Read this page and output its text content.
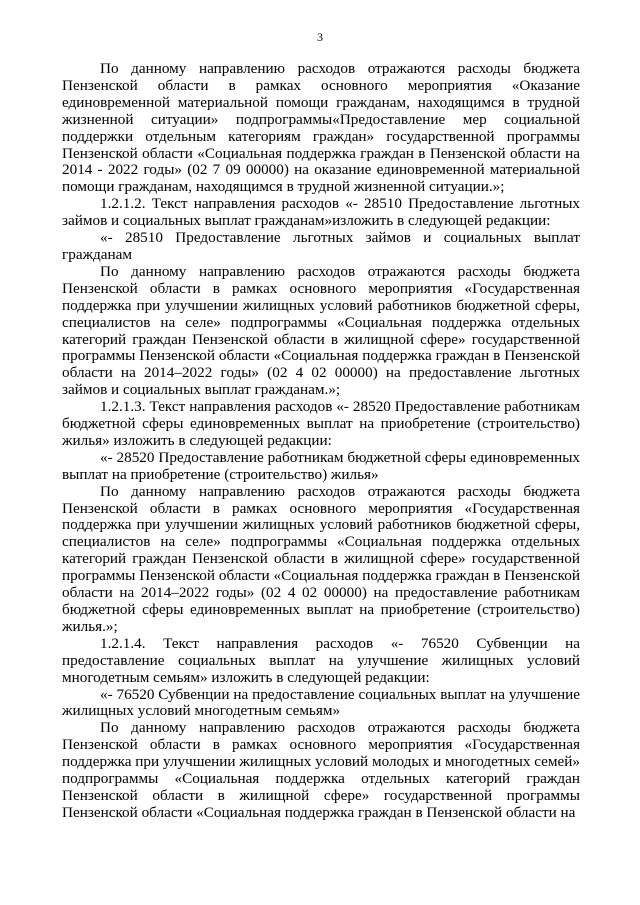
3

По данному направлению расходов отражаются расходы бюджета Пензенской области в рамках основного мероприятия «Оказание единовременной материальной помощи гражданам, находящимся в трудной жизненной ситуации» подпрограммы«Предоставление мер социальной поддержки отдельным категориям граждан» государственной программы Пензенской области «Социальная поддержка граждан в Пензенской области на 2014 - 2022 годы» (02 7 09 00000) на оказание единовременной материальной помощи гражданам, находящимся в трудной жизненной ситуации.»;

1.2.1.2. Текст направления расходов «- 28510 Предоставление льготных займов и социальных выплат гражданам»изложить в следующей редакции:

«- 28510 Предоставление льготных займов и социальных выплат гражданам

По данному направлению расходов отражаются расходы бюджета Пензенской области в рамках основного мероприятия «Государственная поддержка при улучшении жилищных условий работников бюджетной сферы, специалистов на селе» подпрограммы «Социальная поддержка отдельных категорий граждан Пензенской области в жилищной сфере» государственной программы Пензенской области «Социальная поддержка граждан в Пензенской области на 2014–2022 годы» (02 4 02 00000) на предоставление льготных займов и социальных выплат гражданам.»;

1.2.1.3. Текст направления расходов «- 28520 Предоставление работникам бюджетной сферы единовременных выплат на приобретение (строительство) жилья» изложить в следующей редакции:

«- 28520 Предоставление работникам бюджетной сферы единовременных выплат на приобретение (строительство) жилья»

По данному направлению расходов отражаются расходы бюджета Пензенской области в рамках основного мероприятия «Государственная поддержка при улучшении жилищных условий работников бюджетной сферы, специалистов на селе» подпрограммы «Социальная поддержка отдельных категорий граждан Пензенской области в жилищной сфере» государственной программы Пензенской области «Социальная поддержка граждан в Пензенской области на 2014–2022 годы» (02 4 02 00000) на предоставление работникам бюджетной сферы единовременных выплат на приобретение (строительство) жилья.»;

1.2.1.4. Текст направления расходов «- 76520 Субвенции на предоставление социальных выплат на улучшение жилищных условий многодетным семьям» изложить в следующей редакции:

«- 76520 Субвенции на предоставление социальных выплат на улучшение жилищных условий многодетным семьям»

По данному направлению расходов отражаются расходы бюджета Пензенской области в рамках основного мероприятия «Государственная поддержка при улучшении жилищных условий молодых и многодетных семей» подпрограммы «Социальная поддержка отдельных категорий граждан Пензенской области в жилищной сфере» государственной программы Пензенской области «Социальная поддержка граждан в Пензенской области на
